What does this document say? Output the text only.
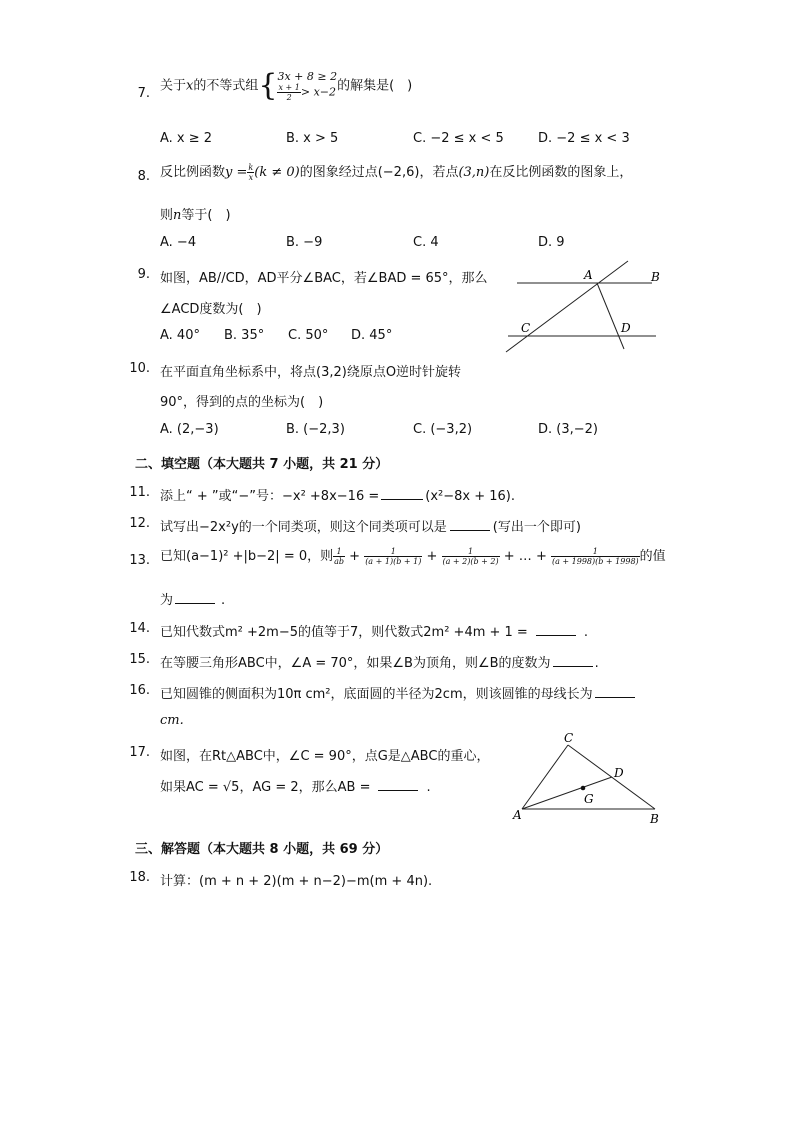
7. 关于x的不等式组{ 3x + 8 ≥ 2
$\frac{x + 1}{2} > x-2$ 的解集是(　)
A. x ≥ 2	B. x > 5	C. −2 ≤ x < 5	D. −2 ≤ x < 3
8. 反比例函数$y = \frac{k}{x} (k \ne 0)$的图象经过点(−2,6)，若点(3,n)在反比例函数的图象上，
则n等于(　)
A. −4	B. −9	C. 4	D. 9
9. 如图，AB//CD，AD平分∠BAC，若∠BAD = 65°，那么
∠ACD度数为(　)
A. 40° B. 35° C. 50° D. 45°
A	B
C	D
10. 在平面直角坐标系中，将点(3,2)绕原点O逆时针旋转
90°，得到的点的坐标为(　)
A. (2,−3)	B. (−2,3)	C. (−3,2)	D. (3,−2)
二、填空题（本大题共 7 小题，共 21 分）
11. 添上“ + ”或“−”号：−x² +8x−16 =	(x²−8x + 16).
12. 试写出−2x²y的一个同类项，则这个同类项可以是	(写出一个即可)
13. 已知(a−1)² +|b−2| = 0，则 $\frac{1}{ab} + \frac{1}{(a + 1)(b + 1)} + \frac{1}{(a + 2)(b + 2)}$ + … + $\frac{1}{(a + 1998)(b + 1998)}$ 的值
为	.
14. 已知代数式m² +2m−5的值等于7，则代数式2m² +4m + 1 =	.
15. 在等腰三角形ABC中，∠A = 70°，如果∠B为顶角，则∠B的度数为	.
16. 已知圆锥的侧面积为10π cm²，底面圆的半径为2cm，则该圆锥的母线长为
cm.
17. 如图，在Rt△ABC中，∠C = 90°，点G是△ABC的重心，
如果AC = √5，AG = 2，那么AB =	.
C
A	B
D
G
三、解答题（本大题共 8 小题，共 69 分）
18. 计算：(m + n + 2)(m + n−2)−m(m + 4n).
